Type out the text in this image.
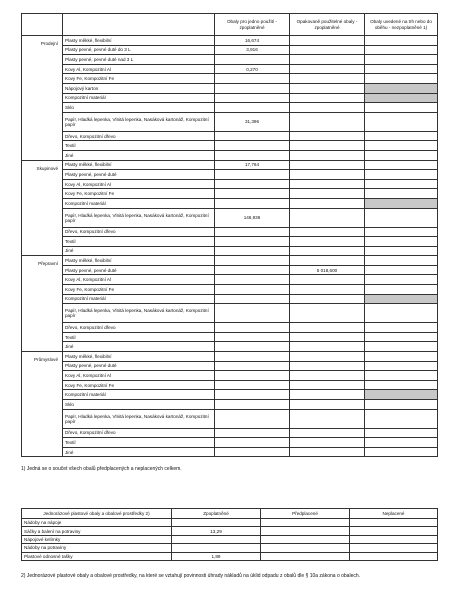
		Obaly pro jedno použití - zpoplatněné	Opakovaně použitelné obaly - zpoplatněné	Obaly uvedené na trh nebo do oběhu - nezpoplatněné 1)
Prodejní	Plasty měkké, flexibilní	16,674		
	Plasty pevné, pevné duté do 3 L	3,916		
	Plasty pevné, pevné duté nad 3 L			
	Kovy Al, Kompozitní Al	0,270		
	Kovy Fe, Kompozitní Fe			
	Nápojový karton			
	Kompozitní materiál			
	Sklo			
	Papír, Hladká lepenka, Vlnitá lepenka, Nasáková kartonáž, Kompozitní papír	31,396		
	Dřevo, Kompozitní dřevo			
	Textil			
	Jiné			
Skupinové	Plasty měkké, flexibilní	17,764		
	Plasty pevné, pevné duté			
	Kovy Al, Kompozitní Al			
	Kovy Fe, Kompozitní Fe			
	Kompozitní materiál			
	Papír, Hladká lepenka, Vlnitá lepenka, Nasáková kartonáž, Kompozitní papír	146,936		
	Dřevo, Kompozitní dřevo			
	Textil			
	Jiné			
Přepravní	Plasty měkké, flexibilní			
	Plasty pevné, pevné duté		5 018,600	
	Kovy Al, Kompozitní Al			
	Kovy Fe, Kompozitní Fe			
	Kompozitní materiál			
	Papír, Hladká lepenka, Vlnitá lepenka, Nasáková kartonáž, Kompozitní papír			
	Dřevo, Kompozitní dřevo			
	Textil			
	Jiné			
Průmyslové	Plasty měkké, flexibilní			
	Plasty pevné, pevné duté			
	Kovy Al, Kompozitní Al			
	Kovy Fe, Kompozitní Fe			
	Kompozitní materiál			
	Sklo			
	Papír, Hladká lepenka, Vlnitá lepenka, Nasáková kartonáž, Kompozitní papír			
	Dřevo, Kompozitní dřevo			
	Textil			
	Jiné			
1) Jedná se o součet všech obalů předplacených a neplacených celkem.
Jednorázové plastové obaly a obalové prostředky 2)	Zpoplatněné	Předplacené	Neplacené
Nádoby na nápoje			
Sáčky a balení na potraviny	13,29		
Nápojové kelímky			
Nádoby na potraviny			
Plastové odnosné tašky	1,89		
2) Jednorázové plastové obaly a obalové prostředky, na které se vztahují povinnosti úhrady nákladů na úklid odpadu z obalů dle § 10a zákona o obalech.
